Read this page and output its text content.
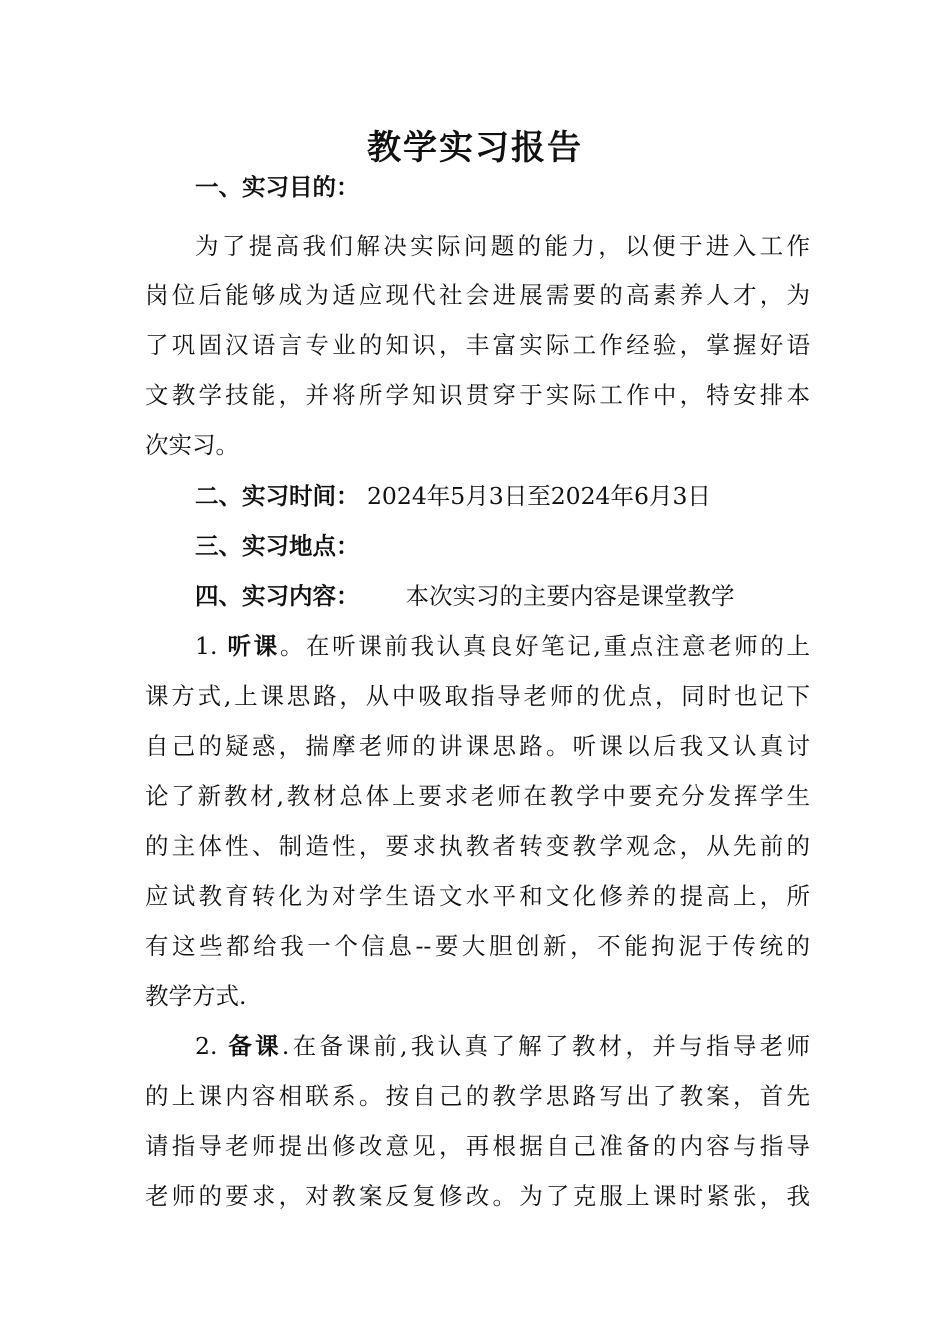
教学实习报告

一、实习目的：

为了提高我们解决实际问题的能力，以便于进入工作

岗位后能够成为适应现代社会进展需要的高素养人才，为

了巩固汉语言专业的知识，丰富实际工作经验，掌握好语

文教学技能，并将所学知识贯穿于实际工作中，特安排本

次实习。

二、实习时间： 2024年5月3日至2024年6月3日

三、实习地点：

四、实习内容： 本次实习的主要内容是课堂教学

1. 听课。在听课前我认真良好笔记,重点注意老师的上

课方式,上课思路，从中吸取指导老师的优点，同时也记下

自己的疑惑，揣摩老师的讲课思路。听课以后我又认真讨

论了新教材,教材总体上要求老师在教学中要充分发挥学生

的主体性、制造性，要求执教者转变教学观念，从先前的

应试教育转化为对学生语文水平和文化修养的提高上，所

有这些都给我一个信息--要大胆创新，不能拘泥于传统的

教学方式.

2. 备课.在备课前,我认真了解了教材，并与指导老师

的上课内容相联系。按自己的教学思路写出了教案，首先

请指导老师提出修改意见，再根据自己准备的内容与指导

老师的要求，对教案反复修改。为了克服上课时紧张，我
